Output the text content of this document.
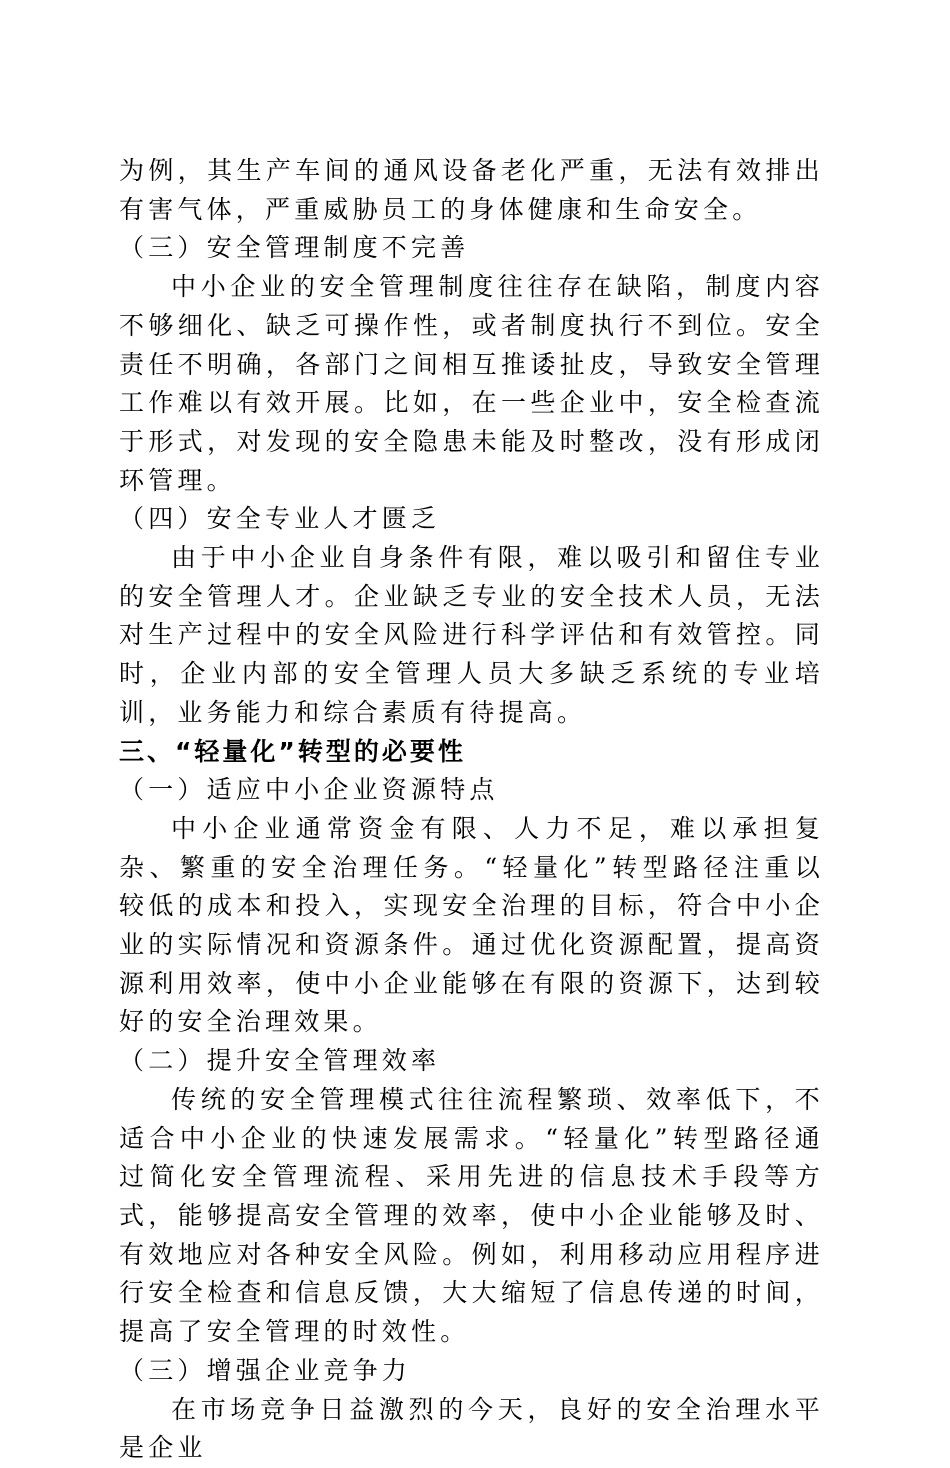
为例，其生产车间的通风设备老化严重，无法有效排出有害气体，严重威胁员工的身体健康和生命安全。

（三）安全管理制度不完善

中小企业的安全管理制度往往存在缺陷，制度内容不够细化、缺乏可操作性，或者制度执行不到位。安全责任不明确，各部门之间相互推诿扯皮，导致安全管理工作难以有效开展。比如，在一些企业中，安全检查流于形式，对发现的安全隐患未能及时整改，没有形成闭环管理。

（四）安全专业人才匮乏

由于中小企业自身条件有限，难以吸引和留住专业的安全管理人才。企业缺乏专业的安全技术人员，无法对生产过程中的安全风险进行科学评估和有效管控。同时，企业内部的安全管理人员大多缺乏系统的专业培训，业务能力和综合素质有待提高。

三、“轻量化”转型的必要性

（一）适应中小企业资源特点

中小企业通常资金有限、人力不足，难以承担复杂、繁重的安全治理任务。“轻量化”转型路径注重以较低的成本和投入，实现安全治理的目标，符合中小企业的实际情况和资源条件。通过优化资源配置，提高资源利用效率，使中小企业能够在有限的资源下，达到较好的安全治理效果。

（二）提升安全管理效率

传统的安全管理模式往往流程繁琐、效率低下，不适合中小企业的快速发展需求。“轻量化”转型路径通过简化安全管理流程、采用先进的信息技术手段等方式，能够提高安全管理的效率，使中小企业能够及时、有效地应对各种安全风险。例如，利用移动应用程序进行安全检查和信息反馈，大大缩短了信息传递的时间，提高了安全管理的时效性。

（三）增强企业竞争力

在市场竞争日益激烈的今天，良好的安全治理水平是企业
